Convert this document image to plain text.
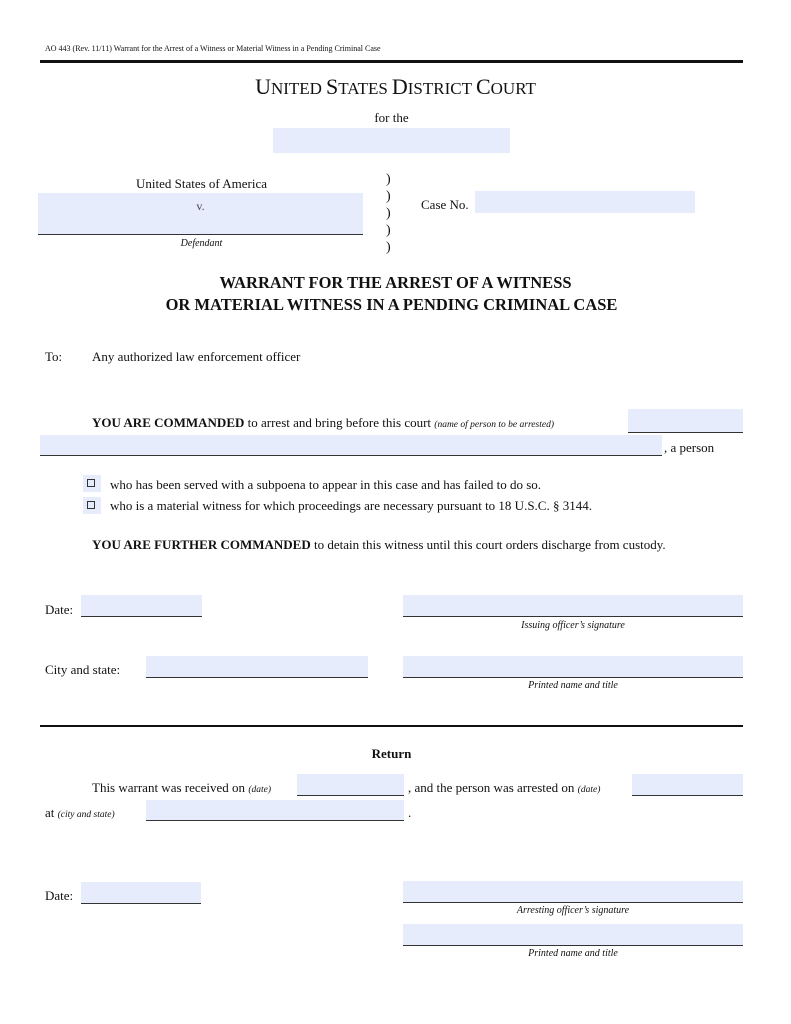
AO 443 (Rev. 11/11) Warrant for the Arrest of a Witness or Material Witness in a Pending Criminal Case
UNITED STATES DISTRICT COURT
for the
United States of America
v.
Defendant
)
)
)
)
)
Case No.
WARRANT FOR THE ARREST OF A WITNESS
OR MATERIAL WITNESS IN A PENDING CRIMINAL CASE
To: Any authorized law enforcement officer
YOU ARE COMMANDED to arrest and bring before this court (name of person to be arrested)
, a person
who has been served with a subpoena to appear in this case and has failed to do so.
who is a material witness for which proceedings are necessary pursuant to 18 U.S.C. § 3144.
YOU ARE FURTHER COMMANDED to detain this witness until this court orders discharge from custody.
Date:
Issuing officer’s signature
City and state:
Printed name and title
Return
This warrant was received on (date)	, and the person was arrested on (date)
at (city and state)	.
Date:
Arresting officer’s signature
Printed name and title
